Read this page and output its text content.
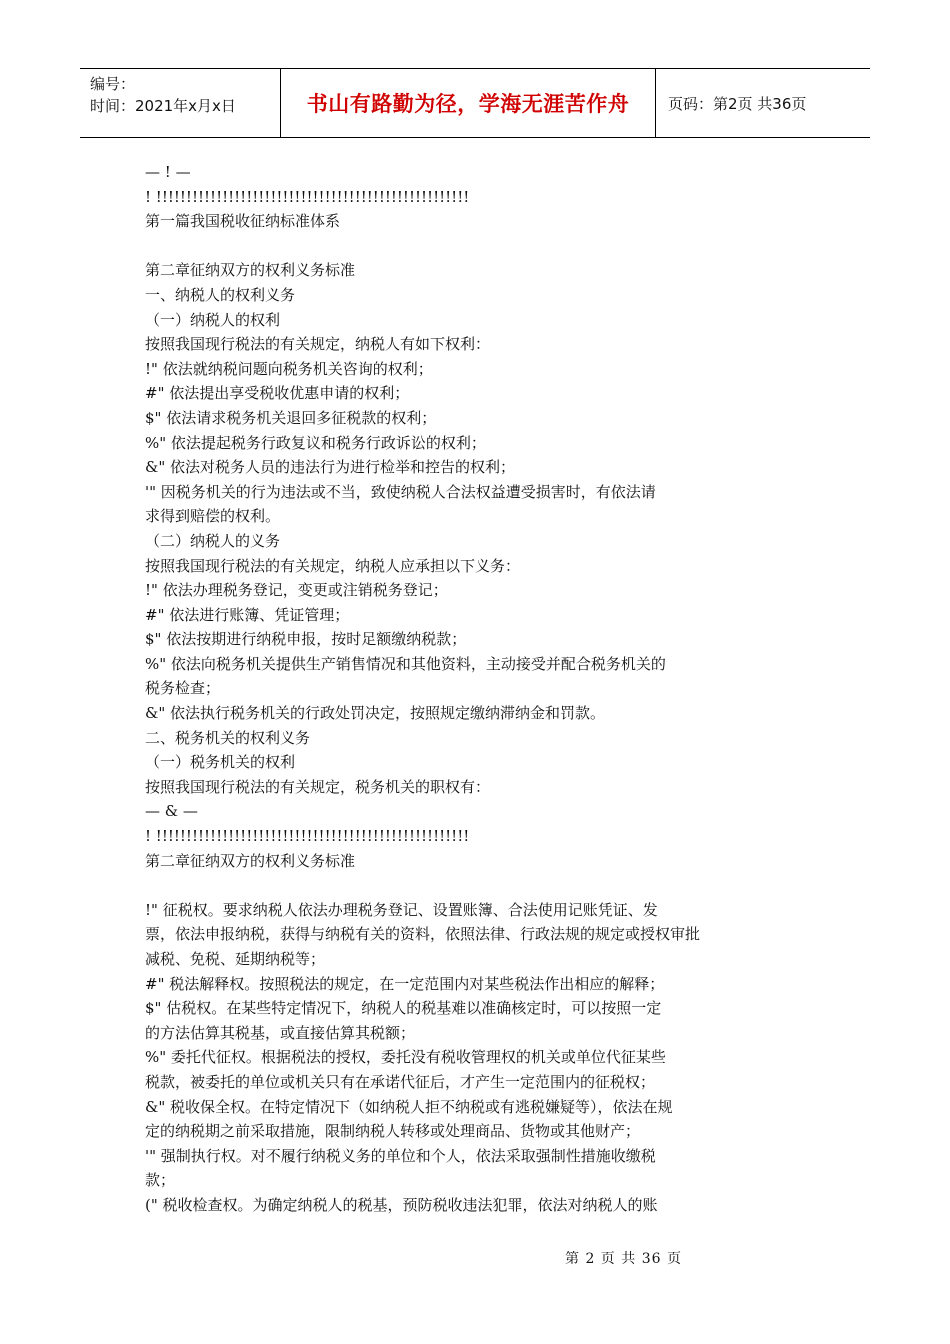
编号：
时间：2021年x月x日	书山有路勤为径，学海无涯苦作舟	页码：第2页 共36页

— ! —

! !!!!!!!!!!!!!!!!!!!!!!!!!!!!!!!!!!!!!!!!!!!!!!!!!!!!

第一篇我国税收征纳标准体系

第二章征纳双方的权利义务标准

一、纳税人的权利义务

（一）纳税人的权利

按照我国现行税法的有关规定，纳税人有如下权利：

!" 依法就纳税问题向税务机关咨询的权利；

#" 依法提出享受税收优惠申请的权利；

$" 依法请求税务机关退回多征税款的权利；

%" 依法提起税务行政复议和税务行政诉讼的权利；

&" 依法对税务人员的违法行为进行检举和控告的权利；

'" 因税务机关的行为违法或不当，致使纳税人合法权益遭受损害时，有依法请

求得到赔偿的权利。

（二）纳税人的义务

按照我国现行税法的有关规定，纳税人应承担以下义务：

!" 依法办理税务登记，变更或注销税务登记；

#" 依法进行账簿、凭证管理；

$" 依法按期进行纳税申报，按时足额缴纳税款；

%" 依法向税务机关提供生产销售情况和其他资料，主动接受并配合税务机关的

税务检查；

&" 依法执行税务机关的行政处罚决定，按照规定缴纳滞纳金和罚款。

二、税务机关的权利义务

（一）税务机关的权利

按照我国现行税法的有关规定，税务机关的职权有：

— & —

! !!!!!!!!!!!!!!!!!!!!!!!!!!!!!!!!!!!!!!!!!!!!!!!!!!!!

第二章征纳双方的权利义务标准

!" 征税权。要求纳税人依法办理税务登记、设置账簿、合法使用记账凭证、发

票，依法申报纳税，获得与纳税有关的资料，依照法律、行政法规的规定或授权审批

减税、免税、延期纳税等；

#" 税法解释权。按照税法的规定，在一定范围内对某些税法作出相应的解释；

$" 估税权。在某些特定情况下，纳税人的税基难以准确核定时，可以按照一定

的方法估算其税基，或直接估算其税额；

%" 委托代征权。根据税法的授权，委托没有税收管理权的机关或单位代征某些

税款，被委托的单位或机关只有在承诺代征后，才产生一定范围内的征税权；

&" 税收保全权。在特定情况下（如纳税人拒不纳税或有逃税嫌疑等），依法在规

定的纳税期之前采取措施，限制纳税人转移或处理商品、货物或其他财产；

'" 强制执行权。对不履行纳税义务的单位和个人，依法采取强制性措施收缴税

款；

(" 税收检查权。为确定纳税人的税基，预防税收违法犯罪，依法对纳税人的账

第 2 页 共 36 页
